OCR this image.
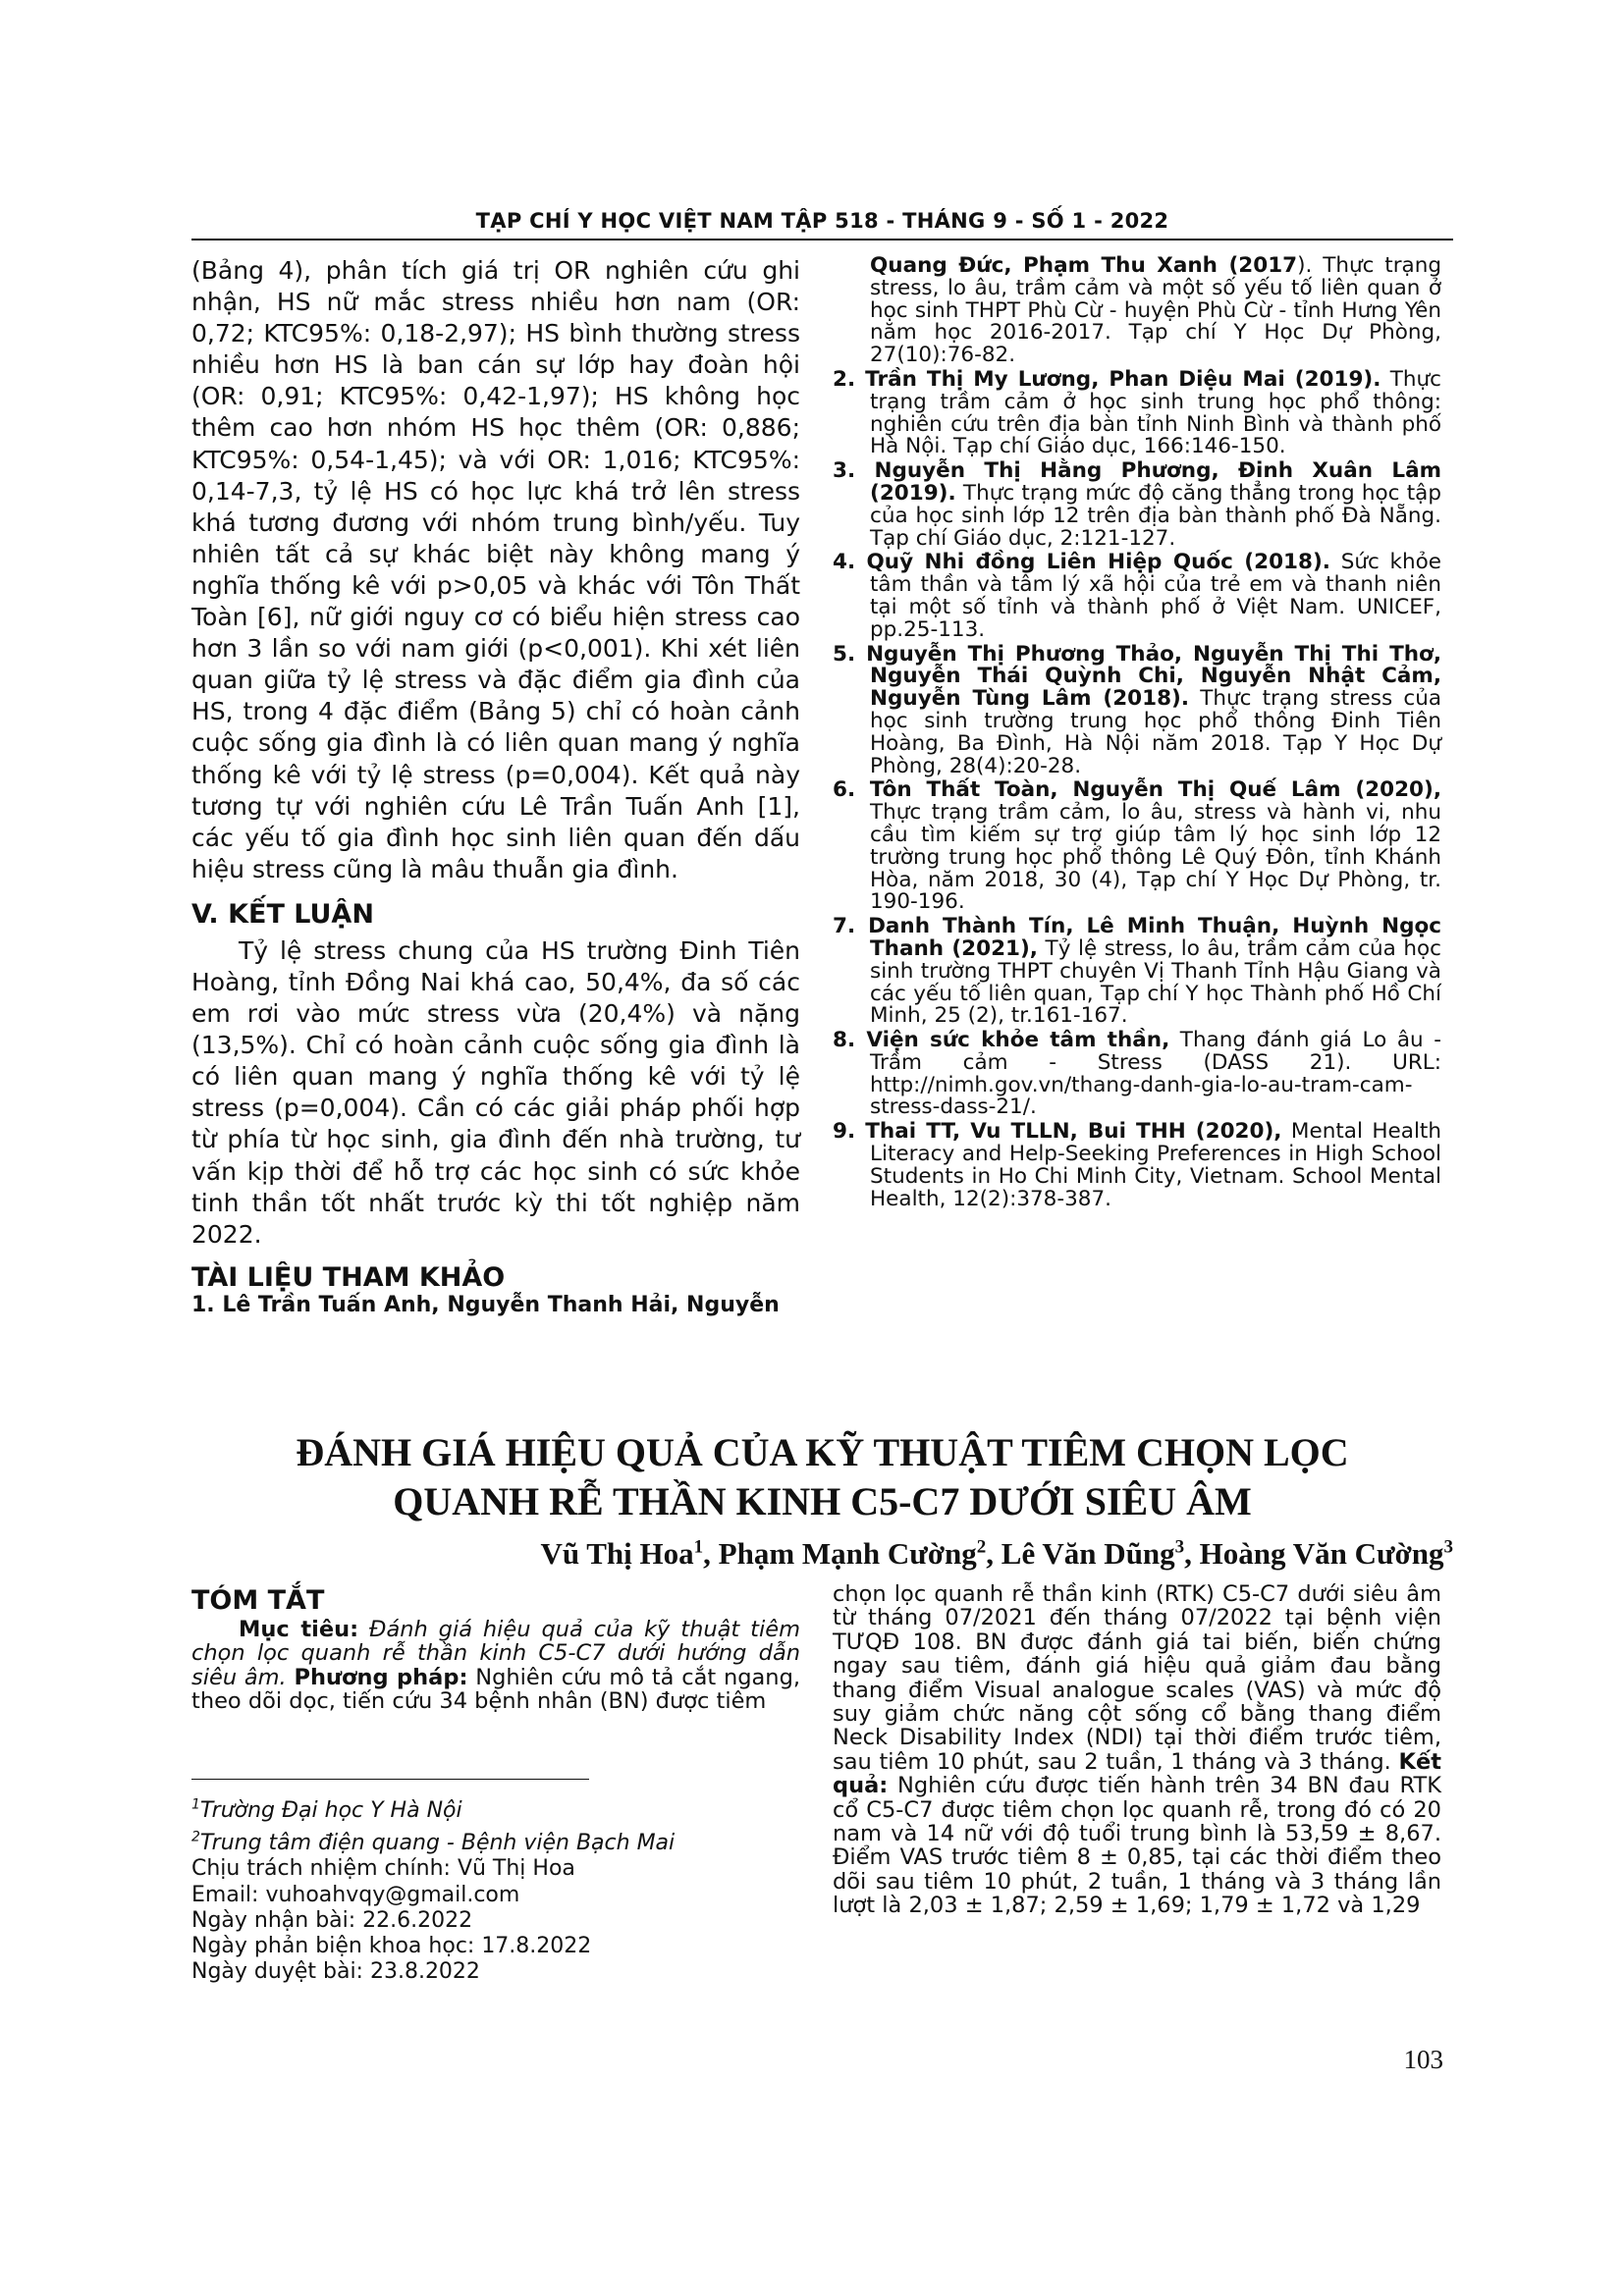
TẠP CHÍ Y HỌC VIỆT NAM TẬP 518 - THÁNG 9 - SỐ 1 - 2022

(Bảng 4), phân tích giá trị OR nghiên cứu ghi nhận, HS nữ mắc stress nhiều hơn nam (OR: 0,72; KTC95%: 0,18-2,97); HS bình thường stress nhiều hơn HS là ban cán sự lớp hay đoàn hội (OR: 0,91; KTC95%: 0,42-1,97); HS không học thêm cao hơn nhóm HS học thêm (OR: 0,886; KTC95%: 0,54-1,45); và với OR: 1,016; KTC95%: 0,14-7,3, tỷ lệ HS có học lực khá trở lên stress khá tương đương với nhóm trung bình/yếu. Tuy nhiên tất cả sự khác biệt này không mang ý nghĩa thống kê với p>0,05 và khác với Tôn Thất Toàn [6], nữ giới nguy cơ có biểu hiện stress cao hơn 3 lần so với nam giới (p<0,001). Khi xét liên quan giữa tỷ lệ stress và đặc điểm gia đình của HS, trong 4 đặc điểm (Bảng 5) chỉ có hoàn cảnh cuộc sống gia đình là có liên quan mang ý nghĩa thống kê với tỷ lệ stress (p=0,004). Kết quả này tương tự với nghiên cứu Lê Trần Tuấn Anh [1], các yếu tố gia đình học sinh liên quan đến dấu hiệu stress cũng là mâu thuẫn gia đình.

V. KẾT LUẬN

Tỷ lệ stress chung của HS trường Đinh Tiên Hoàng, tỉnh Đồng Nai khá cao, 50,4%, đa số các em rơi vào mức stress vừa (20,4%) và nặng (13,5%). Chỉ có hoàn cảnh cuộc sống gia đình là có liên quan mang ý nghĩa thống kê với tỷ lệ stress (p=0,004). Cần có các giải pháp phối hợp từ phía từ học sinh, gia đình đến nhà trường, tư vấn kịp thời để hỗ trợ các học sinh có sức khỏe tinh thần tốt nhất trước kỳ thi tốt nghiệp năm 2022.

TÀI LIỆU THAM KHẢO

1. Lê Trần Tuấn Anh, Nguyễn Thanh Hải, Nguyễn

Quang Đức, Phạm Thu Xanh (2017). Thực trạng stress, lo âu, trầm cảm và một số yếu tố liên quan ở học sinh THPT Phù Cừ - huyện Phù Cừ - tỉnh Hưng Yên năm học 2016-2017. Tạp chí Y Học Dự Phòng, 27(10):76-82.

2. Trần Thị My Lương, Phan Diệu Mai (2019). Thực trạng trầm cảm ở học sinh trung học phổ thông: nghiên cứu trên địa bàn tỉnh Ninh Bình và thành phố Hà Nội. Tạp chí Giáo dục, 166:146-150.

3. Nguyễn Thị Hằng Phương, Đinh Xuân Lâm (2019). Thực trạng mức độ căng thẳng trong học tập của học sinh lớp 12 trên địa bàn thành phố Đà Nẵng. Tạp chí Giáo dục, 2:121-127.

4. Quỹ Nhi đồng Liên Hiệp Quốc (2018). Sức khỏe tâm thần và tâm lý xã hội của trẻ em và thanh niên tại một số tỉnh và thành phố ở Việt Nam. UNICEF, pp.25-113.

5. Nguyễn Thị Phương Thảo, Nguyễn Thị Thi Thơ, Nguyễn Thái Quỳnh Chi, Nguyễn Nhật Cảm, Nguyễn Tùng Lâm (2018). Thực trạng stress của học sinh trường trung học phổ thông Đinh Tiên Hoàng, Ba Đình, Hà Nội năm 2018. Tạp Y Học Dự Phòng, 28(4):20-28.

6. Tôn Thất Toàn, Nguyễn Thị Quế Lâm (2020), Thực trạng trầm cảm, lo âu, stress và hành vi, nhu cầu tìm kiếm sự trợ giúp tâm lý học sinh lớp 12 trường trung học phổ thông Lê Quý Đôn, tỉnh Khánh Hòa, năm 2018, 30 (4), Tạp chí Y Học Dự Phòng, tr. 190-196.

7. Danh Thành Tín, Lê Minh Thuận, Huỳnh Ngọc Thanh (2021), Tỷ lệ stress, lo âu, trầm cảm của học sinh trường THPT chuyên Vị Thanh Tỉnh Hậu Giang và các yếu tố liên quan, Tạp chí Y học Thành phố Hồ Chí Minh, 25 (2), tr.161-167.

8. Viện sức khỏe tâm thần, Thang đánh giá Lo âu - Trầm cảm - Stress (DASS 21). URL: http://nimh.gov.vn/thang-danh-gia-lo-au-tram-cam-stress-dass-21/.

9. Thai TT, Vu TLLN, Bui THH (2020), Mental Health Literacy and Help-Seeking Preferences in High School Students in Ho Chi Minh City, Vietnam. School Mental Health, 12(2):378-387.

ĐÁNH GIÁ HIỆU QUẢ CỦA KỸ THUẬT TIÊM CHỌN LỌC
QUANH RỄ THẦN KINH C5-C7 DƯỚI SIÊU ÂM
Vũ Thị Hoa$^1$, Phạm Mạnh Cường$^2$, Lê Văn Dũng$^3$, Hoàng Văn Cường$^3$

TÓM TẮT

Mục tiêu: Đánh giá hiệu quả của kỹ thuật tiêm chọn lọc quanh rễ thần kinh C5-C7 dưới hướng dẫn siêu âm. Phương pháp: Nghiên cứu mô tả cắt ngang, theo dõi dọc, tiến cứu 34 bệnh nhân (BN) được tiêm

chọn lọc quanh rễ thần kinh (RTK) C5-C7 dưới siêu âm từ tháng 07/2021 đến tháng 07/2022 tại bệnh viện TƯQĐ 108. BN được đánh giá tai biến, biến chứng ngay sau tiêm, đánh giá hiệu quả giảm đau bằng thang điểm Visual analogue scales (VAS) và mức độ suy giảm chức năng cột sống cổ bằng thang điểm Neck Disability Index (NDI) tại thời điểm trước tiêm, sau tiêm 10 phút, sau 2 tuần, 1 tháng và 3 tháng. Kết quả: Nghiên cứu được tiến hành trên 34 BN đau RTK cổ C5-C7 được tiêm chọn lọc quanh rễ, trong đó có 20 nam và 14 nữ với độ tuổi trung bình là 53,59 ± 8,67. Điểm VAS trước tiêm 8 ± 0,85, tại các thời điểm theo dõi sau tiêm 10 phút, 2 tuần, 1 tháng và 3 tháng lần lượt là 2,03 ± 1,87; 2,59 ± 1,69; 1,79 ± 1,72 và 1,29

$^1$Trường Đại học Y Hà Nội
$^2$Trung tâm điện quang - Bệnh viện Bạch Mai
Chịu trách nhiệm chính: Vũ Thị Hoa
Email: vuhoahvqy@gmail.com
Ngày nhận bài: 22.6.2022
Ngày phản biện khoa học: 17.8.2022
Ngày duyệt bài: 23.8.2022
103
